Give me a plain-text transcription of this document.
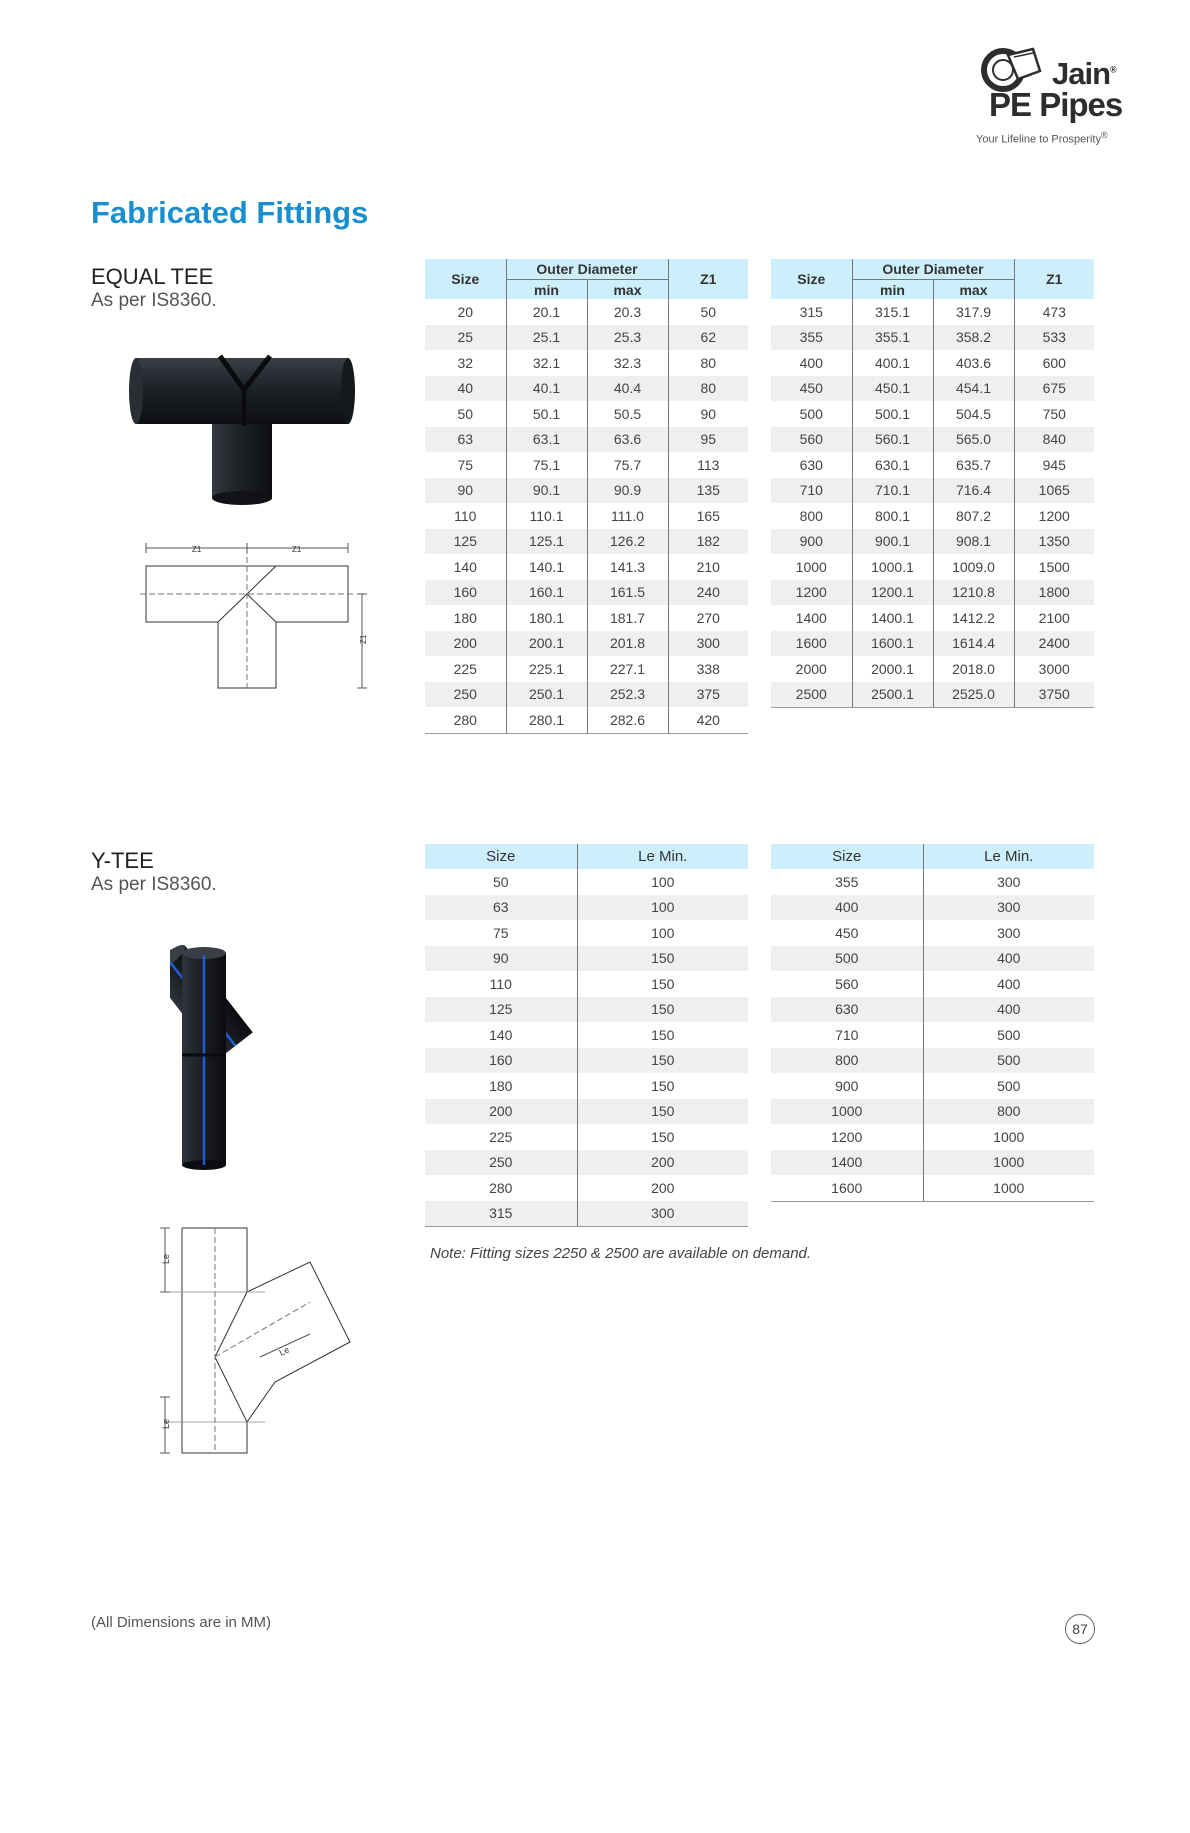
Jain®
PE Pipes
Your Lifeline to Prosperity®
Fabricated Fittings
EQUAL TEE
As per IS8360.
Z1	Z1
Z1
Size	Outer Diameter		Z1
	min	max	
20	20.1	20.3	50
25	25.1	25.3	62
32	32.1	32.3	80
40	40.1	40.4	80
50	50.1	50.5	90
63	63.1	63.6	95
75	75.1	75.7	113
90	90.1	90.9	135
110	110.1	111.0	165
125	125.1	126.2	182
140	140.1	141.3	210
160	160.1	161.5	240
180	180.1	181.7	270
200	200.1	201.8	300
225	225.1	227.1	338
250	250.1	252.3	375
280	280.1	282.6	420
Size	Outer Diameter		Z1
	min	max	
315	315.1	317.9	473
355	355.1	358.2	533
400	400.1	403.6	600
450	450.1	454.1	675
500	500.1	504.5	750
560	560.1	565.0	840
630	630.1	635.7	945
710	710.1	716.4	1065
800	800.1	807.2	1200
900	900.1	908.1	1350
1000	1000.1	1009.0	1500
1200	1200.1	1210.8	1800
1400	1400.1	1412.2	2100
1600	1600.1	1614.4	2400
2000	2000.1	2018.0	3000
2500	2500.1	2525.0	3750
Y-TEE
As per IS8360.
Le
Le
Le
Size	Le Min.
50	100
63	100
75	100
90	150
110	150
125	150
140	150
160	150
180	150
200	150
225	150
250	200
280	200
315	300
Size	Le Min.
355	300
400	300
450	300
500	400
560	400
630	400
710	500
800	500
900	500
1000	800
1200	1000
1400	1000
1600	1000
Note: Fitting sizes 2250 & 2500 are available on demand.
(All Dimensions are in MM)	87
